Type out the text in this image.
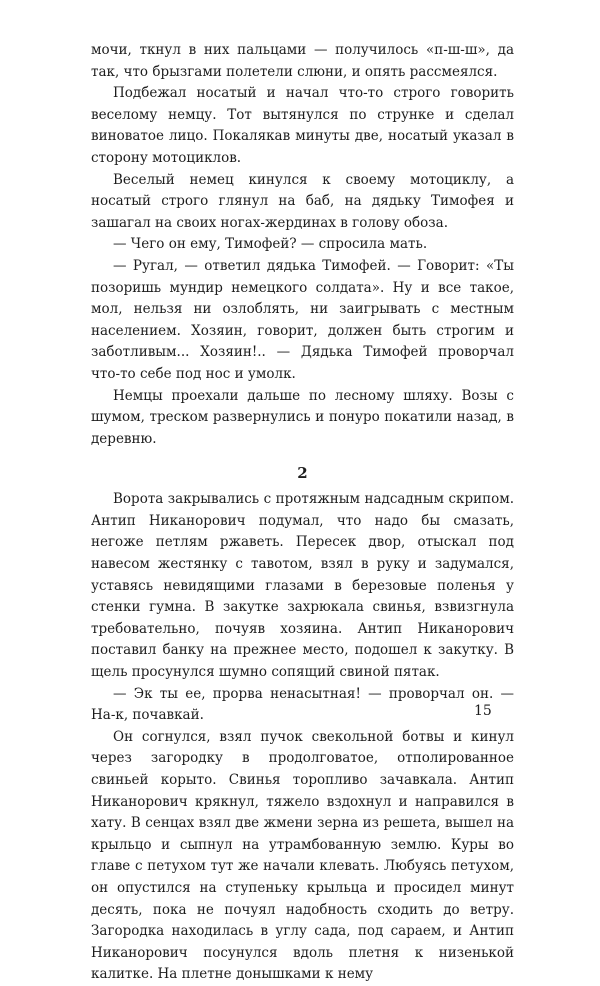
мочи, ткнул в них пальцами — получилось «п-ш-ш», да так, что брызгами полетели слюни, и опять рассмеялся.

Подбежал носатый и начал что-то строго говорить веселому немцу. Тот вытянулся по струнке и сделал виноватое лицо. Покалякав минуты две, носатый указал в сторону мотоциклов.

Веселый немец кинулся к своему мотоциклу, а носатый строго глянул на баб, на дядьку Тимофея и зашагал на своих ногах-жердинах в голову обоза.

— Чего он ему, Тимофей? — спросила мать.

— Ругал, — ответил дядька Тимофей. — Говорит: «Ты позоришь мундир немецкого солдата». Ну и все такое, мол, нельзя ни озлоблять, ни заигрывать с местным населением. Хозяин, говорит, должен быть строгим и заботливым... Хозяин!.. — Дядька Тимофей проворчал что-то себе под нос и умолк.

Немцы проехали дальше по лесному шляху. Возы с шумом, треском развернулись и понуро покатили назад, в деревню.

2

Ворота закрывались с протяжным надсадным скрипом. Антип Никанорович подумал, что надо бы смазать, негоже петлям ржаветь. Пересек двор, отыскал под навесом жестянку с тавотом, взял в руку и задумался, уставясь невидящими глазами в березовые поленья у стенки гумна. В закутке захрюкала свинья, взвизгнула требовательно, почуяв хозяина. Антип Никанорович поставил банку на прежнее место, подошел к закутку. В щель просунулся шумно сопящий свиной пятак.

— Эк ты ее, прорва ненасытная! — проворчал он. — На-к, почавкай.

Он согнулся, взял пучок свекольной ботвы и кинул через загородку в продолговатое, отполированное свиньей корыто. Свинья торопливо зачавкала. Антип Никанорович крякнул, тяжело вздохнул и направился в хату. В сенцах взял две жмени зерна из решета, вышел на крыльцо и сыпнул на утрамбованную землю. Куры во главе с петухом тут же начали клевать. Любуясь петухом, он опустился на ступеньку крыльца и просидел минут десять, пока не почуял надобность сходить до ветру. Загородка находилась в углу сада, под сараем, и Антип Никанорович посунулся вдоль плетня к низенькой калитке. На плетне донышками к нему

15
